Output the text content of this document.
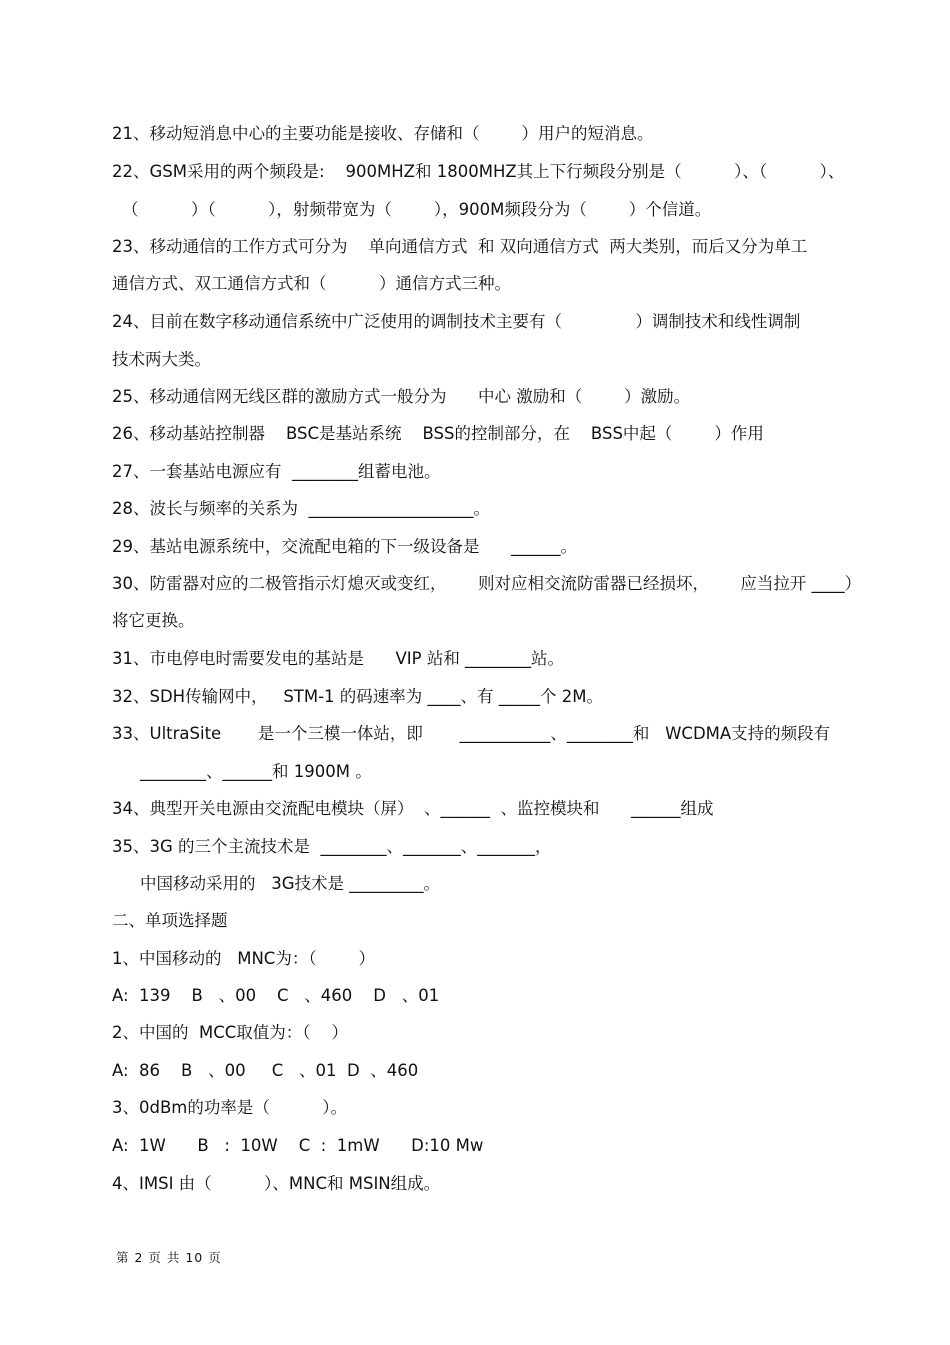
21、移动短消息中心的主要功能是接收、存储和（        ）用户的短消息。
22、GSM采用的两个频段是:    900MHZ和 1800MHZ其上下行频段分别是（          ）、（          ）、
（          ）（          ），射频带宽为（        ），900M频段分为（        ）个信道。
23、移动通信的工作方式可分为    单向通信方式  和 双向通信方式  两大类别，而后又分为单工
通信方式、双工通信方式和（          ）通信方式三种。
24、目前在数字移动通信系统中广泛使用的调制技术主要有（              ）调制技术和线性调制
技术两大类。
25、移动通信网无线区群的激励方式一般分为      中心 激励和（        ）激励。
26、移动基站控制器    BSC是基站系统    BSS的控制部分，在    BSS中起（        ）作用
27、一套基站电源应有  ________组蓄电池。
28、波长与频率的关系为  ____________________。
29、基站电源系统中，交流配电箱的下一级设备是      ______。
30、防雷器对应的二极管指示灯熄灭或变红，      则对应相交流防雷器已经损坏，      应当拉开 ____）
将它更换。
31、市电停电时需要发电的基站是      VIP 站和 ________站。
32、SDH传输网中，   STM-1 的码速率为 ____、有 _____个 2M。
33、UltraSite       是一个三模一体站，即       ___________、________和   WCDMA支持的频段有
________、______和 1900M 。
34、典型开关电源由交流配电模块（屏）  、______  、监控模块和      ______组成
35、3G 的三个主流技术是  ________、_______、_______，
中国移动采用的   3G技术是 _________。
二、单项选择题
1、中国移动的   MNC为：（        ）
A:  139    B   、00    C   、460    D   、01
2、中国的  MCC取值为：（    ）
A:  86    B   、00     C   、01  D  、460
3、0dBm的功率是（          ）。
A:  1W      B   :  10W    C  :  1mW      D:10 Mw
4、IMSI 由（          ）、MNC和 MSIN组成。
第 2 页 共 10 页
